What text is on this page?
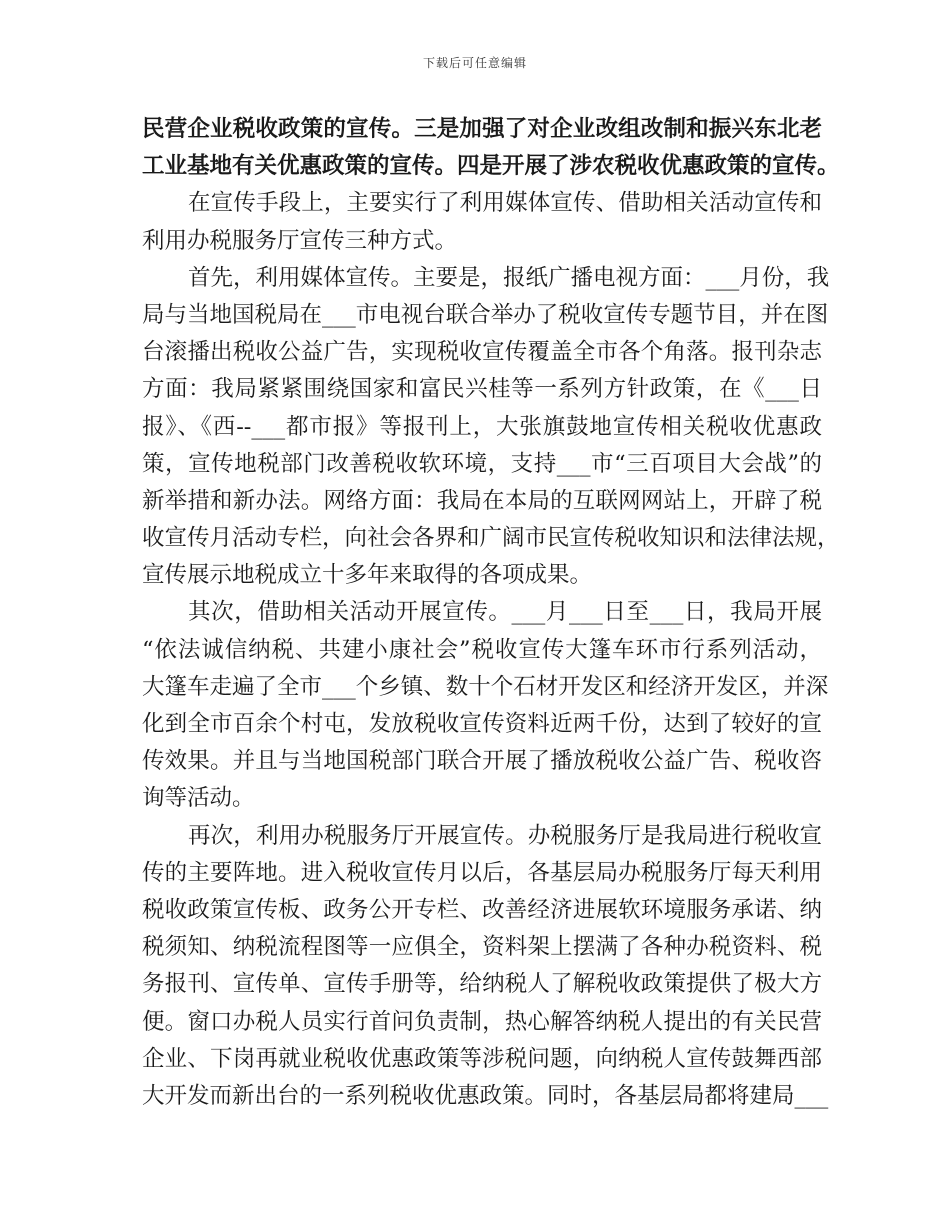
下载后可任意编辑
民营企业税收政策的宣传。三是加强了对企业改组改制和振兴东北老
工业基地有关优惠政策的宣传。四是开展了涉农税收优惠政策的宣传。
在宣传手段上，主要实行了利用媒体宣传、借助相关活动宣传和
利用办税服务厅宣传三种方式。
首先，利用媒体宣传。主要是，报纸广播电视方面：___月份，我
局与当地国税局在___市电视台联合举办了税收宣传专题节目，并在图
台滚播出税收公益广告，实现税收宣传覆盖全市各个角落。报刊杂志
方面：我局紧紧围绕国家和富民兴桂等一系列方针政策，在《___日
报》、《西--___都市报》等报刊上，大张旗鼓地宣传相关税收优惠政
策，宣传地税部门改善税收软环境，支持___市“三百项目大会战”的
新举措和新办法。网络方面：我局在本局的互联网网站上，开辟了税
收宣传月活动专栏，向社会各界和广阔市民宣传税收知识和法律法规，
宣传展示地税成立十多年来取得的各项成果。
其次，借助相关活动开展宣传。___月___日至___日，我局开展
“依法诚信纳税、共建小康社会”税收宣传大篷车环市行系列活动，
大篷车走遍了全市___个乡镇、数十个石材开发区和经济开发区，并深
化到全市百余个村屯，发放税收宣传资料近两千份，达到了较好的宣
传效果。并且与当地国税部门联合开展了播放税收公益广告、税收咨
询等活动。
再次，利用办税服务厅开展宣传。办税服务厅是我局进行税收宣
传的主要阵地。进入税收宣传月以后，各基层局办税服务厅每天利用
税收政策宣传板、政务公开专栏、改善经济进展软环境服务承诺、纳
税须知、纳税流程图等一应俱全，资料架上摆满了各种办税资料、税
务报刊、宣传单、宣传手册等，给纳税人了解税收政策提供了极大方
便。窗口办税人员实行首问负责制，热心解答纳税人提出的有关民营
企业、下岗再就业税收优惠政策等涉税问题，向纳税人宣传鼓舞西部
大开发而新出台的一系列税收优惠政策。同时，各基层局都将建局___
